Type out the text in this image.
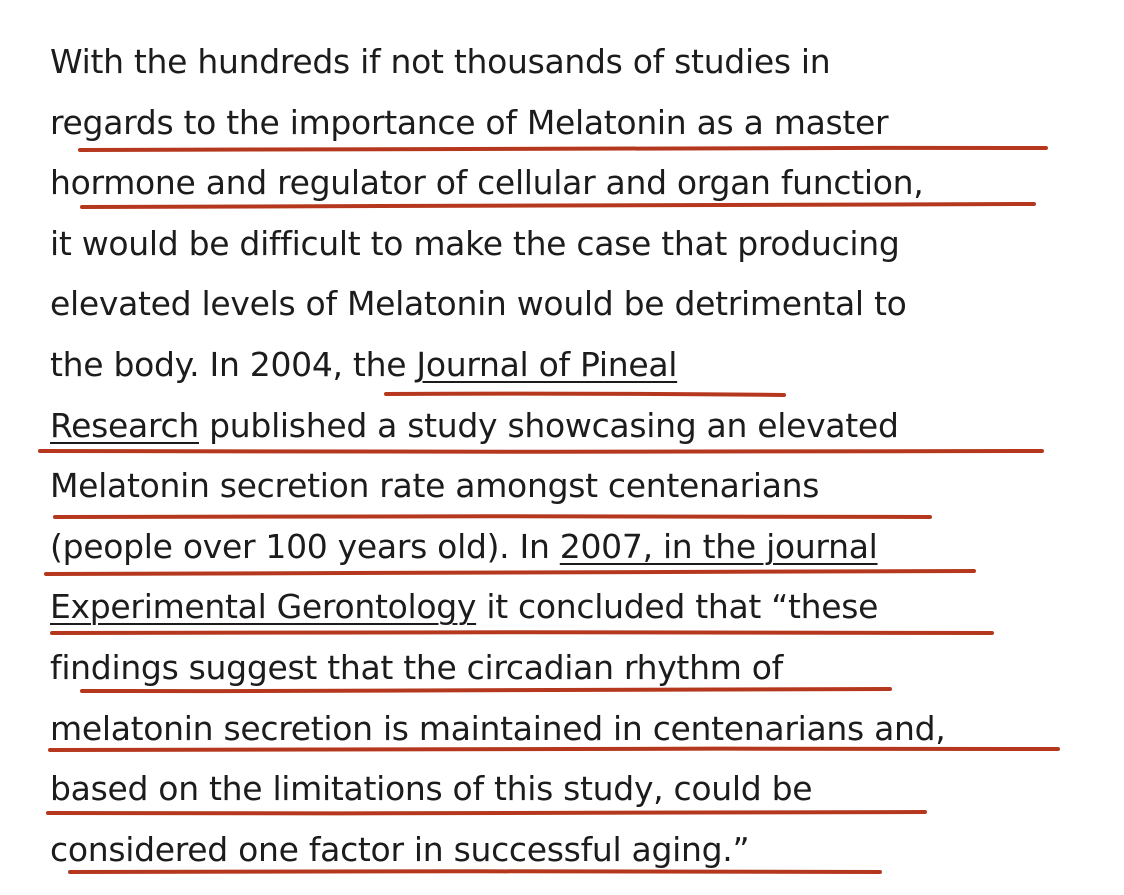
With the hundreds if not thousands of studies in

regards to the importance of Melatonin as a master

hormone and regulator of cellular and organ function,

it would be difficult to make the case that producing

elevated levels of Melatonin would be detrimental to

the body. In 2004, the Journal of Pineal

Research published a study showcasing an elevated

Melatonin secretion rate amongst centenarians

(people over 100 years old). In 2007, in the journal

Experimental Gerontology it concluded that “these

findings suggest that the circadian rhythm of

melatonin secretion is maintained in centenarians and,

based on the limitations of this study, could be

considered one factor in successful aging.”
